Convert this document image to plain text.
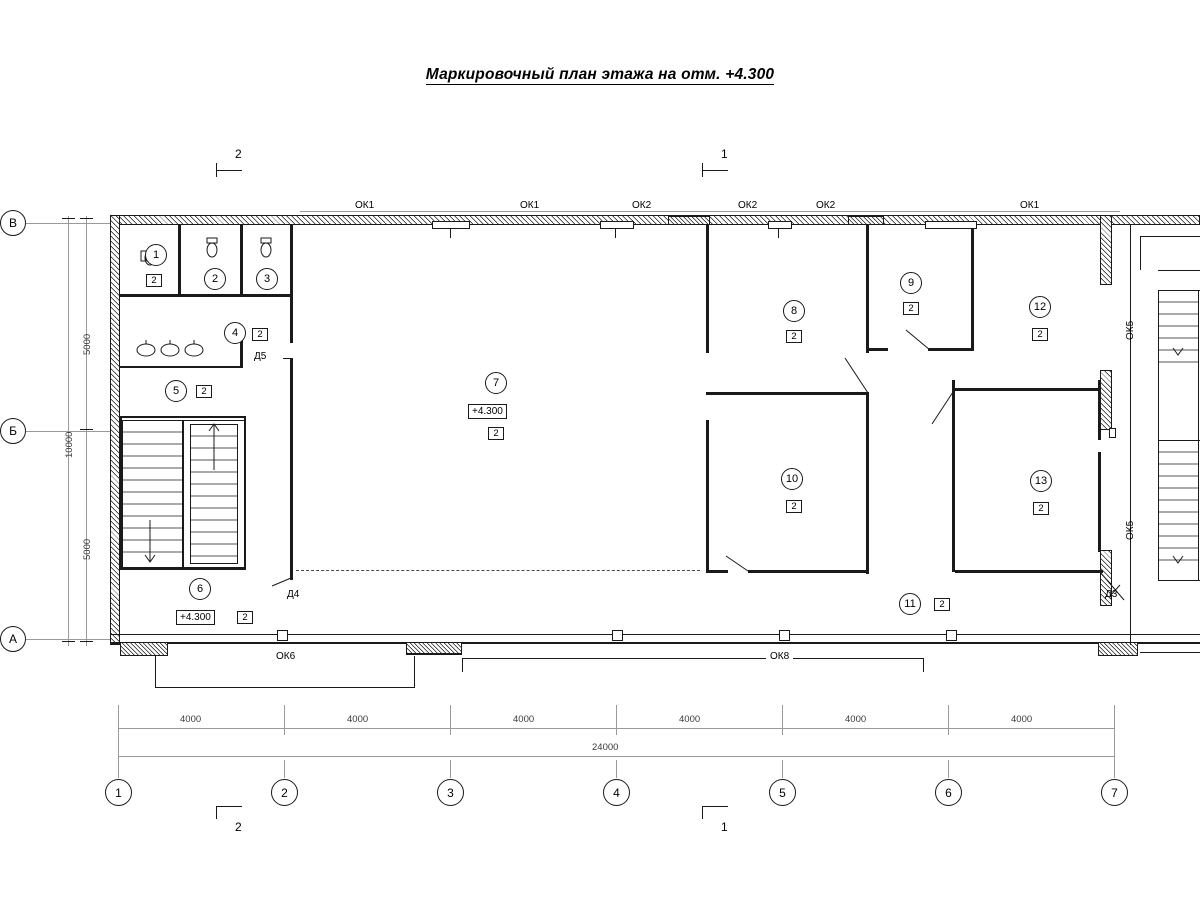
Маркировочный план этажа на отм. +4.300
2	1
2	1
В
Б
А
5000
5000
10000
ОК1	ОК1	ОК2	ОК2	ОК2	ОК1
ОК5
ОК5
ОК6	ОК8
Д5
Д4	Д3
1
2	2	3
4 2
5 2
6
+4.300	2
7
+4.300
2
8
2
9
2
10
2
11 2
12
2
13
2
4000	4000	4000	4000	4000	4000
24000
1	2	3	4	5	6	7
